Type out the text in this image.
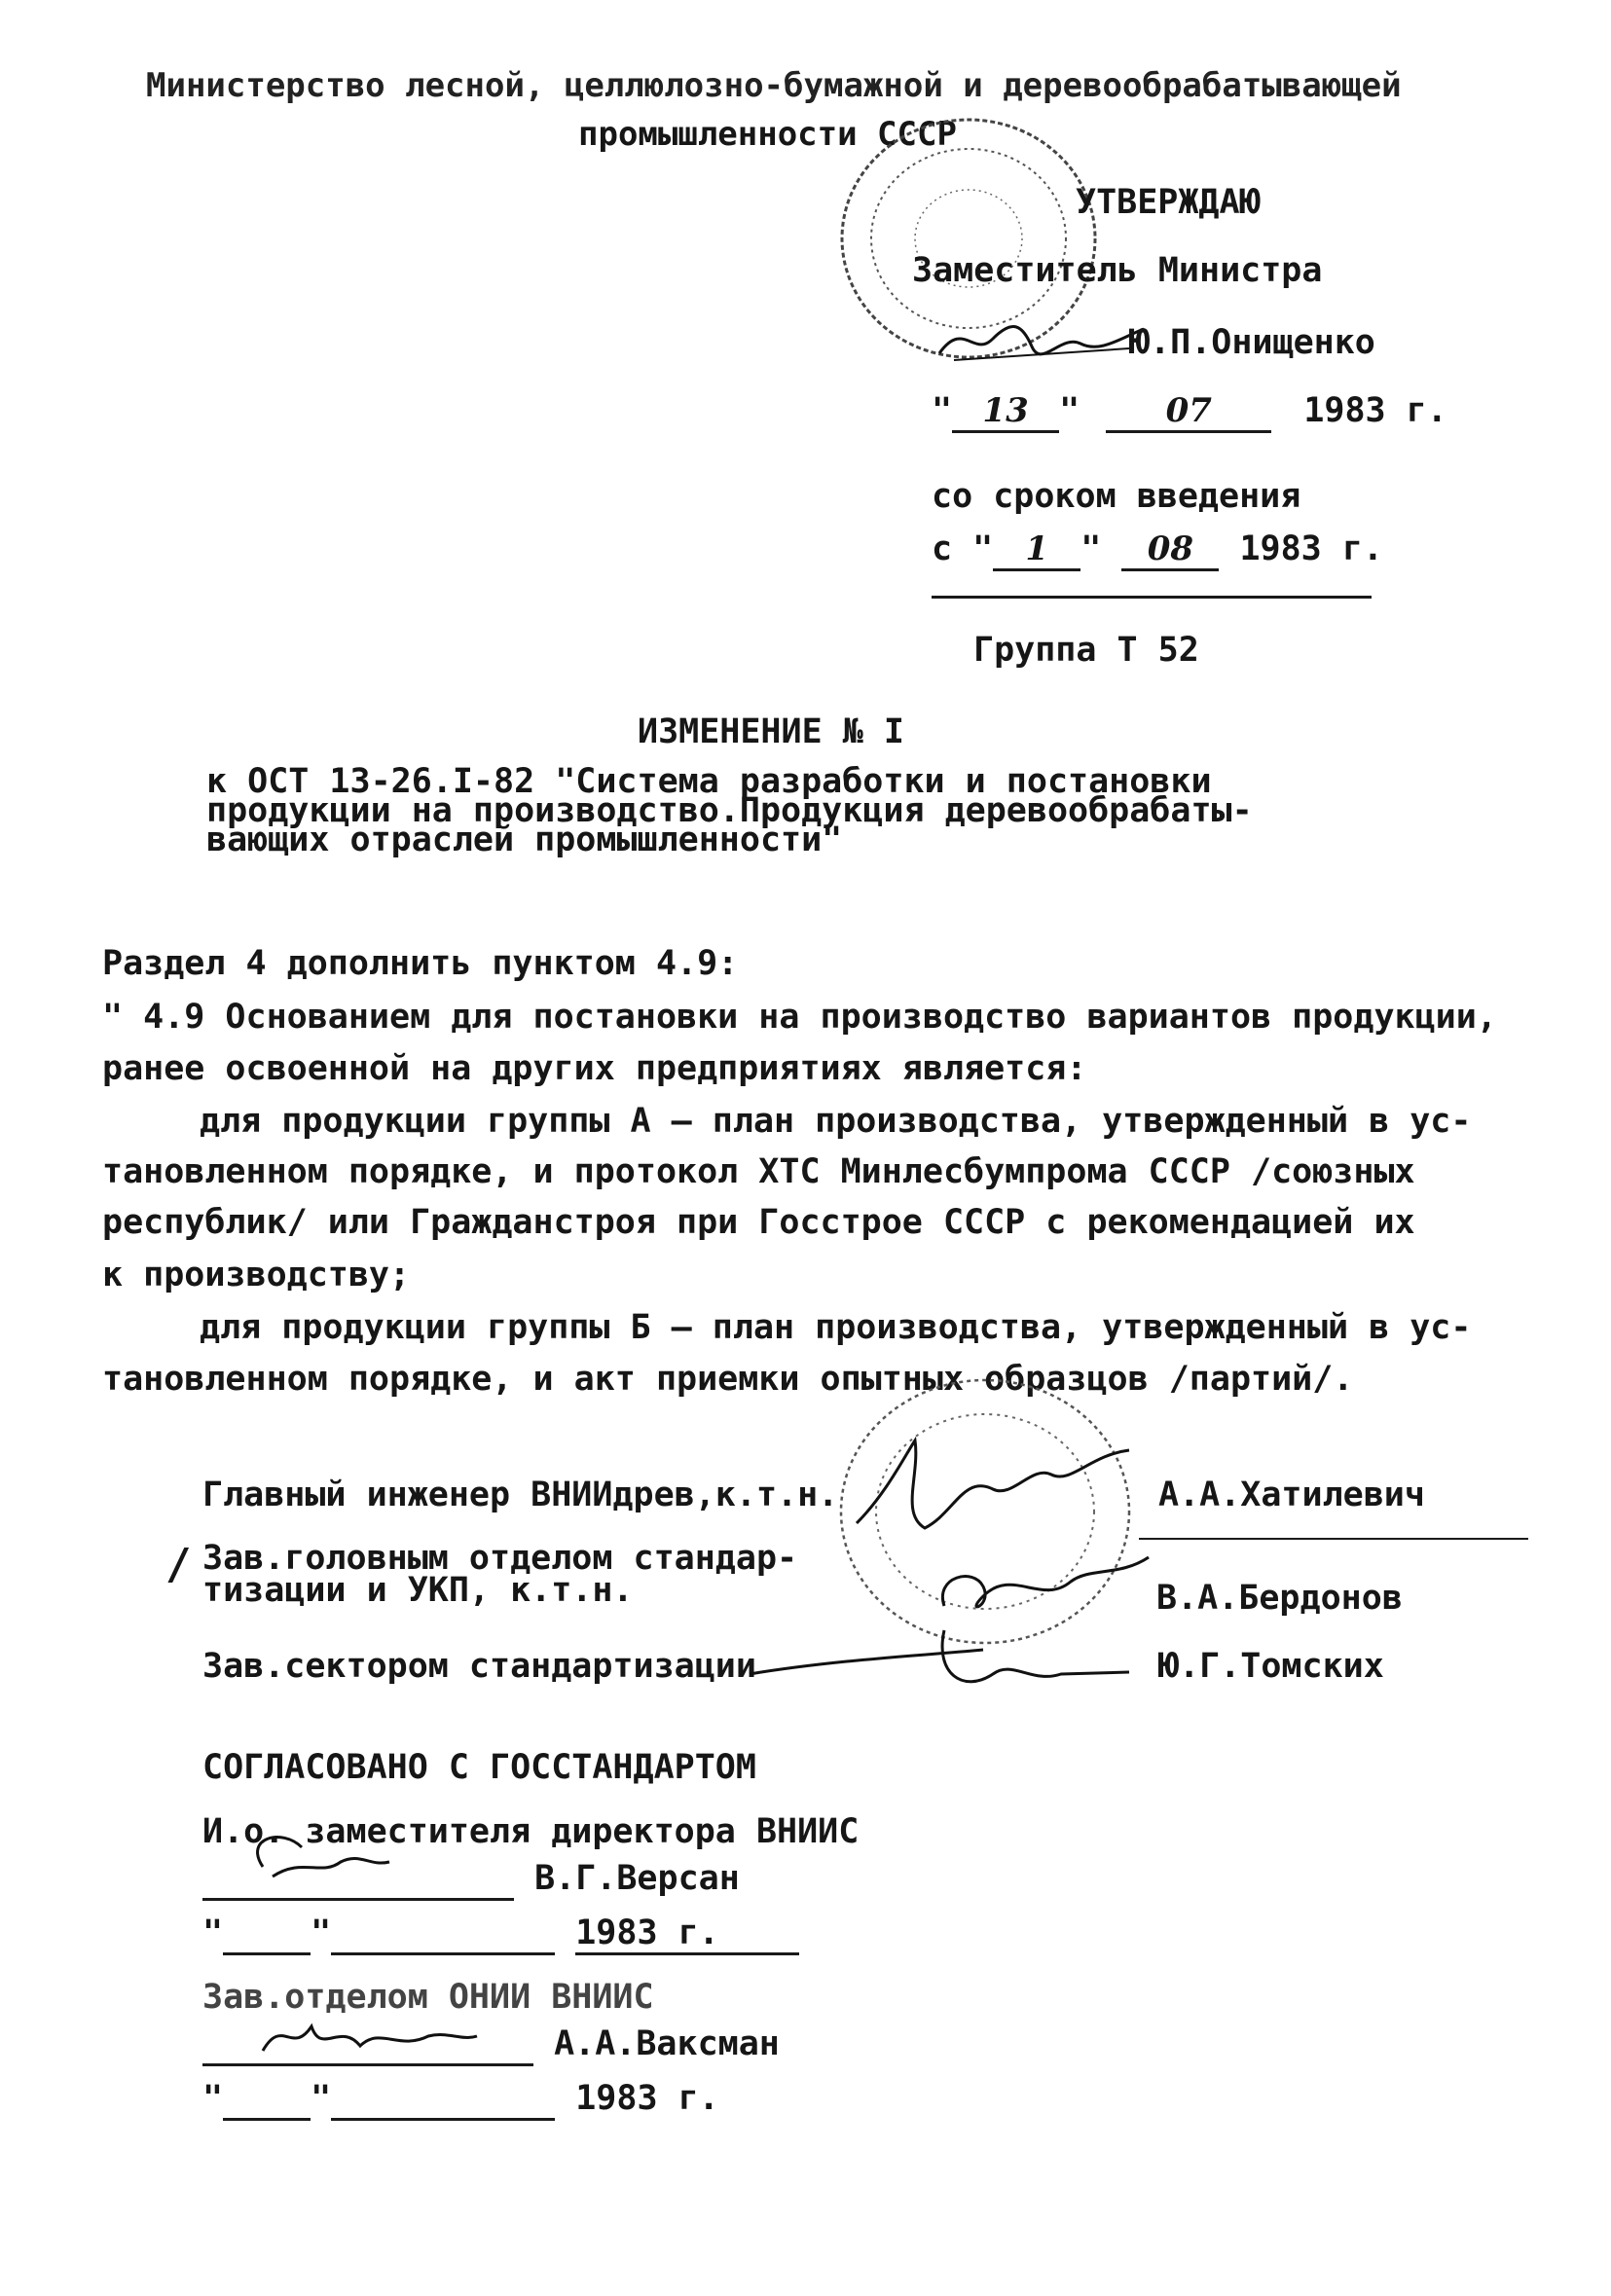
Министерство лесной, целлюлозно-бумажной и деревообрабатывающей
промышленности СССР
УТВЕРЖДАЮ
Заместитель Министра
Ю.П.Онищенко
" 13 "	07	1983 г.
со сроком введения
с " 1 " 08 1983 г.
Группа Т 52
ИЗМЕНЕНИЕ № I
к ОСТ 13-26.I-82 "Система разработки и постановки
продукции на производство.Продукция деревообрабаты-
вающих отраслей промышленности"
Раздел 4 дополнить пунктом 4.9:
" 4.9 Основанием для постановки на производство вариантов продукции,
ранее освоенной на других предприятиях является:
для продукции группы А – план производства, утвержденный в ус-
тановленном порядке, и протокол ХТС Минлесбумпрома СССР /союзных
республик/ или Гражданстроя при Госстрое СССР с рекомендацией их
к производству;
для продукции группы Б – план производства, утвержденный в ус-
тановленном порядке, и акт приемки опытных образцов /партий/.
Главный инженер ВНИИдрев,к.т.н.	А.А.Хатилевич
/ Зав.головным отделом стандар-
тизации и УКП, к.т.н.	В.А.Бердонов
Зав.сектором стандартизации	Ю.Г.Томских
СОГЛАСОВАНО С ГОССТАНДАРТОМ
И.о. заместителя директора ВНИИС
В.Г.Версан
"	"	1983 г.
Зав.отделом ОНИИ ВНИИС
А.А.Ваксман
"	"	1983 г.
